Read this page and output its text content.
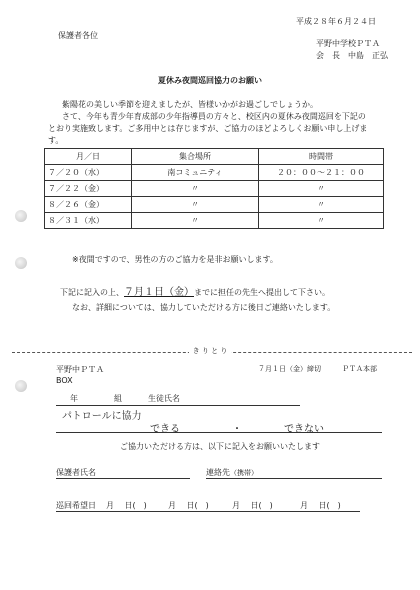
平成２８年６月２４日
保護者各位
平野中学校ＰＴＡ
会　長　中島　正弘
夏休み夜間巡回協力のお願い
紫陽花の美しい季節を迎えましたが、皆様いかがお過ごしでしょうか。
さて、今年も青少年育成部の少年指導員の方々と、校区内の夏休み夜間巡回を下記の
とおり実施致します。ご多用中とは存じますが、ご協力のほどよろしくお願い申し上げま
す。
月／日	集合場所	時間帯
７／２０（水）	南コミュニティ	２０：００～２１：００
７／２２（金）	〃	〃
８／２６（金）	〃	〃
８／３１（水）	〃	〃
※夜間ですので、男性の方のご協力を是非お願いします。
下記に記入の上、７月１日（金）までに担任の先生へ提出して下さい。
なお、詳細については、協力していただける方に後日ご連絡いたします。
き り と り
平野中ＰＴＡ
BOX
７月１日（金）締切	ＰＴＡ本部
年	組	生徒氏名
パトロールに協力
できる	・	できない
ご協力いただける方は、以下に記入をお願いいたします
保護者氏名	連絡先（携帯）
巡回希望日 月　 日(　)	月　 日(　)	月　 日(　)	月　 日(　)
